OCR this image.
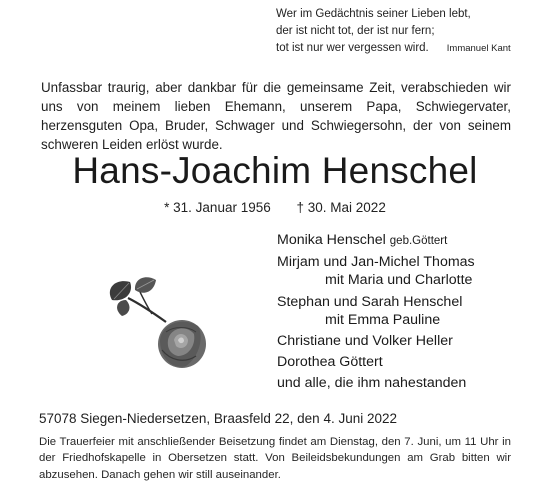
Wer im Gedächtnis seiner Lieben lebt,
der ist nicht tot, der ist nur fern;
tot ist nur wer vergessen wird. Immanuel Kant
Unfassbar traurig, aber dankbar für die gemeinsame Zeit, verabschieden wir uns von meinem lieben Ehemann, unserem Papa, Schwiegervater, herzensguten Opa, Bruder, Schwager und Schwiegersohn, der von seinem schweren Leiden erlöst wurde.
Hans-Joachim Henschel
* 31. Januar 1956 † 30. Mai 2022
Monika Henschel geb.Göttert
Mirjam und Jan-Michel Thomas
mit Maria und Charlotte
Stephan und Sarah Henschel
mit Emma Pauline
Christiane und Volker Heller
Dorothea Göttert
und alle, die ihm nahestanden
57078 Siegen-Niedersetzen, Braasfeld 22, den 4. Juni 2022
Die Trauerfeier mit anschließender Beisetzung findet am Dienstag, den 7. Juni, um 11 Uhr in der Friedhofskapelle in Obersetzen statt. Von Beileidsbekundungen am Grab bitten wir abzusehen. Danach gehen wir still auseinander.
